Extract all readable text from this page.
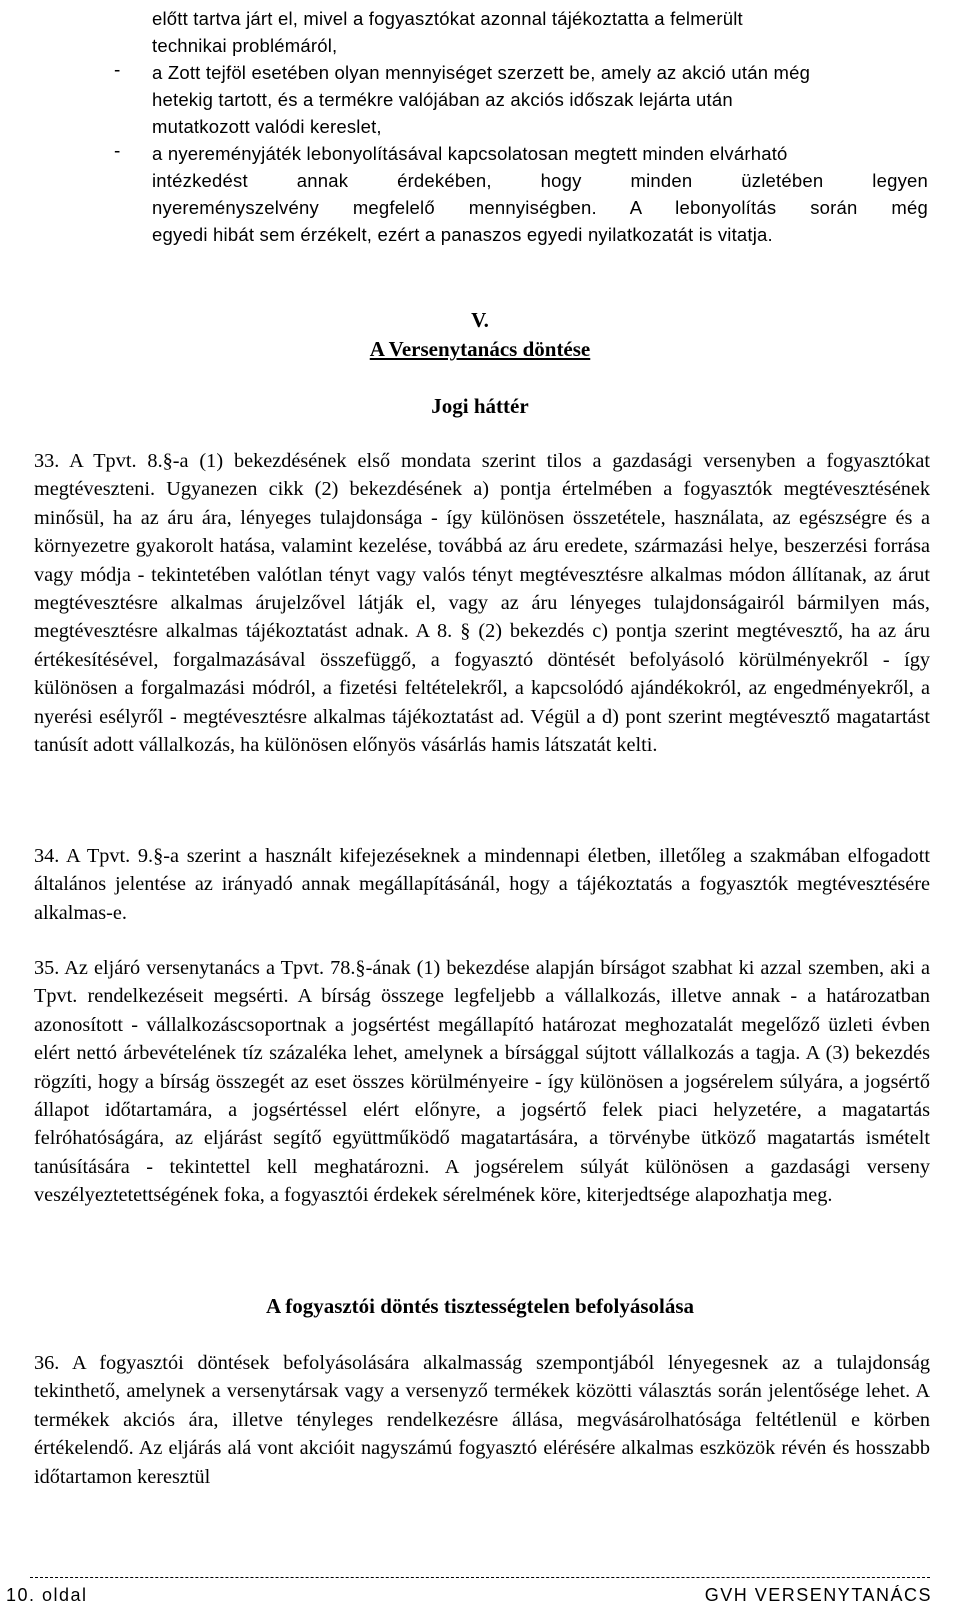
előtt tartva járt el, mivel a fogyasztókat azonnal tájékoztatta a felmerült
technikai problémáról,
- a Zott tejföl esetében olyan mennyiséget szerzett be, amely az akció után még
hetekig tartott, és a termékre valójában az akciós időszak lejárta után
mutatkozott valódi kereslet,
- a nyereményjáték lebonyolításával kapcsolatosan megtett minden elvárható
intézkedést annak érdekében, hogy minden üzletében legyen
nyereményszelvény megfelelő mennyiségben. A lebonyolítás során még
egyedi hibát sem érzékelt, ezért a panaszos egyedi nyilatkozatát is vitatja.
V.
A Versenytanács döntése
Jogi háttér
33. A Tpvt. 8.§-a (1) bekezdésének első mondata szerint tilos a gazdasági versenyben a fogyasztókat megtéveszteni. Ugyanezen cikk (2) bekezdésének a) pontja értelmében a fogyasztók megtévesztésének minősül, ha az áru ára, lényeges tulajdonsága - így különösen összetétele, használata, az egészségre és a környezetre gyakorolt hatása, valamint kezelése, továbbá az áru eredete, származási helye, beszerzési forrása vagy módja - tekintetében valótlan tényt vagy valós tényt megtévesztésre alkalmas módon állítanak, az árut megtévesztésre alkalmas árujelzővel látják el, vagy az áru lényeges tulajdonságairól bármilyen más, megtévesztésre alkalmas tájékoztatást adnak. A 8. § (2) bekezdés c) pontja szerint megtévesztő, ha az áru értékesítésével, forgalmazásával összefüggő, a fogyasztó döntését befolyásoló körülményekről - így különösen a forgalmazási módról, a fizetési feltételekről, a kapcsolódó ajándékokról, az engedményekről, a nyerési esélyről - megtévesztésre alkalmas tájékoztatást ad. Végül a d) pont szerint megtévesztő magatartást tanúsít adott vállalkozás, ha különösen előnyös vásárlás hamis látszatát kelti.
34. A Tpvt. 9.§-a szerint a használt kifejezéseknek a mindennapi életben, illetőleg a szakmában elfogadott általános jelentése az irányadó annak megállapításánál, hogy a tájékoztatás a fogyasztók megtévesztésére alkalmas-e.
35. Az eljáró versenytanács a Tpvt. 78.§-ának (1) bekezdése alapján bírságot szabhat ki azzal szemben, aki a Tpvt. rendelkezéseit megsérti. A bírság összege legfeljebb a vállalkozás, illetve annak - a határozatban azonosított - vállalkozáscsoportnak a jogsértést megállapító határozat meghozatalát megelőző üzleti évben elért nettó árbevételének tíz százaléka lehet, amelynek a bírsággal sújtott vállalkozás a tagja. A (3) bekezdés rögzíti, hogy a bírság összegét az eset összes körülményeire - így különösen a jogsérelem súlyára, a jogsértő állapot időtartamára, a jogsértéssel elért előnyre, a jogsértő felek piaci helyzetére, a magatartás felróhatóságára, az eljárást segítő együttműködő magatartására, a törvénybe ütköző magatartás ismételt tanúsítására - tekintettel kell meghatározni. A jogsérelem súlyát különösen a gazdasági verseny veszélyeztetettségének foka, a fogyasztói érdekek sérelmének köre, kiterjedtsége alapozhatja meg.
A fogyasztói döntés tisztességtelen befolyásolása
36. A fogyasztói döntések befolyásolására alkalmasság szempontjából lényegesnek az a tulajdonság tekinthető, amelynek a versenytársak vagy a versenyző termékek közötti választás során jelentősége lehet. A termékek akciós ára, illetve tényleges rendelkezésre állása, megvásárolhatósága feltétlenül e körben értékelendő. Az eljárás alá vont akcióit nagyszámú fogyasztó elérésére alkalmas eszközök révén és hosszabb időtartamon keresztül
10. oldal	GVH VERSENYTANÁCS
